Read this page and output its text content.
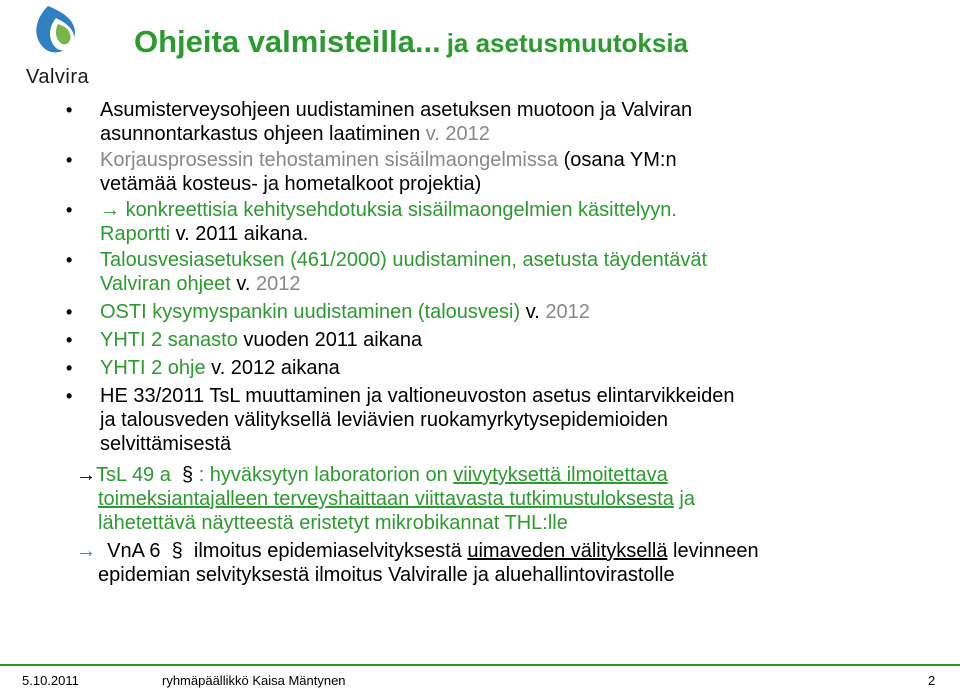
Valvira
Ohjeita valmisteilla... ja asetusmuutoksia
• Asumisterveysohjeen uudistaminen asetuksen muotoon ja Valviran
asunnontarkastus ohjeen laatiminen v. 2012
• Korjausprosessin tehostaminen sisäilmaongelmissa (osana YM:n
vetämää kosteus- ja hometalkoot projektia)
• → konkreettisia kehitysehdotuksia sisäilmaongelmien käsittelyyn.
Raportti v. 2011 aikana.
• Talousvesiasetuksen (461/2000) uudistaminen, asetusta täydentävät
Valviran ohjeet v. 2012
• OSTI kysymyspankin uudistaminen (talousvesi) v. 2012
• YHTI 2 sanasto vuoden 2011 aikana
• YHTI 2 ohje v. 2012 aikana
• HE 33/2011 TsL muuttaminen ja valtioneuvoston asetus elintarvikkeiden
ja talousveden välityksellä leviävien ruokamyrkytysepidemioiden
selvittämisestä
→TsL 49 a § : hyväksytyn laboratorion on viivytyksettä ilmoitettava
toimeksiantajalleen terveyshaittaan viittavasta tutkimustuloksesta ja
lähetettävä näytteestä eristetyt mikrobikannat THL:lle
→ VnA 6 § ilmoitus epidemiaselvityksestä uimaveden välityksellä levinneen
epidemian selvityksestä ilmoitus Valviralle ja aluehallintovirastolle
5.10.2011	ryhmäpäällikkö Kaisa Mäntynen	2
